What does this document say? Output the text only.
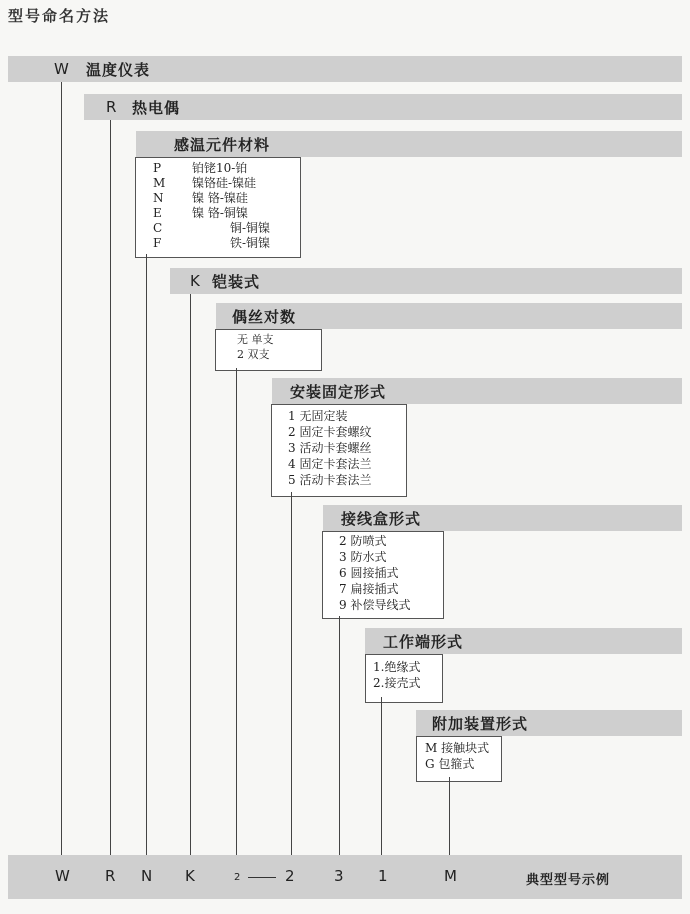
型号命名方法
W 温度仪表
R 热电偶
感温元件材料
P	铂铑10-铂
M 镍铬硅-镍硅
N 镍 铬-镍硅
E	镍 铬-铜镍
C	铜-铜镍
F	铁-铜镍
K 铠装式
偶丝对数
无 单支
2 双支
安装固定形式
1 无固定装
2 固定卡套螺纹
3 活动卡套螺丝
4 固定卡套法兰
5 活动卡套法兰
接线盒形式
2 防喷式
3 防水式
6 圆接插式
7 扁接插式
9 补偿导线式
工作端形式
1.绝缘式
2.接壳式
附加装置形式
M 接触块式
G 包箍式
W R N K	2	2	3 1	M	典型型号示例
